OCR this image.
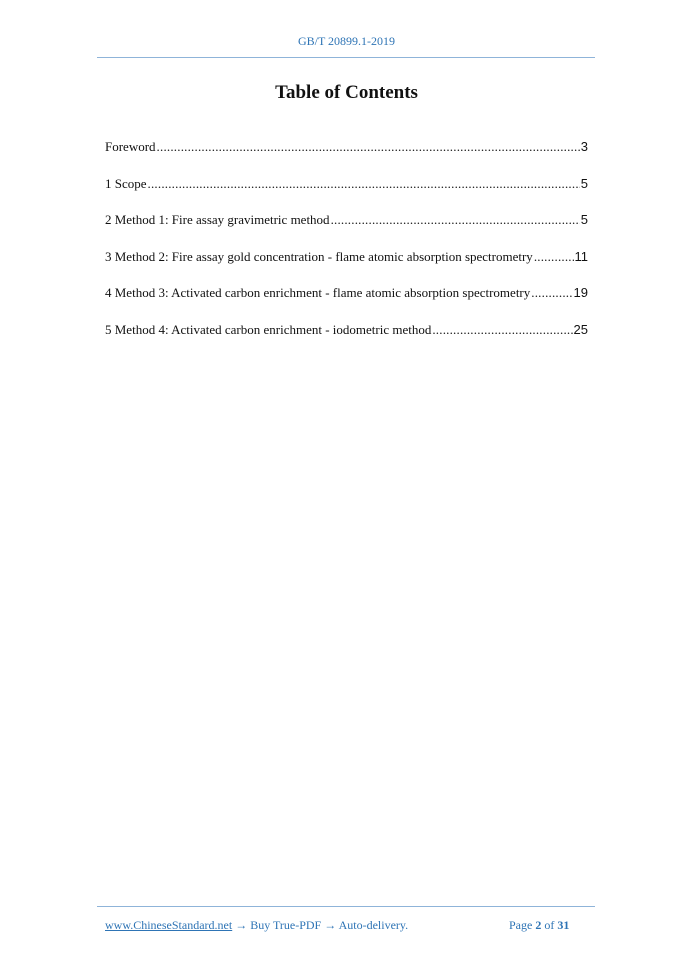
GB/T 20899.1-2019
Table of Contents
Foreword .....	3
1 Scope .....	5
2 Method 1: Fire assay gravimetric method .....	5
3 Method 2: Fire assay gold concentration - flame atomic absorption spectrometry .....	11
4 Method 3: Activated carbon enrichment - flame atomic absorption spectrometry .....	19
5 Method 4: Activated carbon enrichment - iodometric method .....	25
www.ChineseStandard.net → Buy True-PDF → Auto-delivery.	Page 2 of 31
